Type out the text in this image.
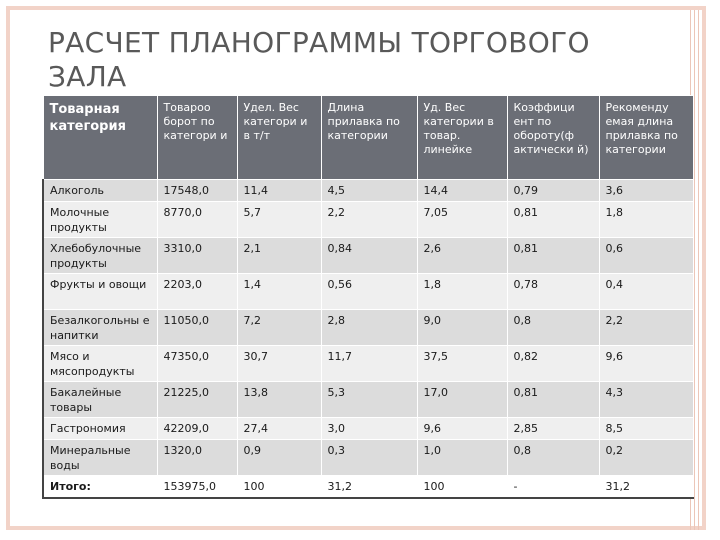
РАСЧЕТ ПЛАНОГРАММЫ ТОРГОВОГО ЗАЛА
Товарная категория	Товароо борот по категори и	Удел. Вес категори и в т/т	Длина прилавка по категории	Уд. Вес категории в товар. линейке	Коэффици ент по обороту(ф актически й)	Рекоменду емая длина прилавка по категории
Алкоголь	17548,0	11,4	4,5	14,4	0,79	3,6
Молочные продукты	8770,0	5,7	2,2	7,05	0,81	1,8
Хлебобулочные продукты	3310,0	2,1	0,84	2,6	0,81	0,6
Фрукты и овощи	2203,0	1,4	0,56	1,8	0,78	0,4
Безалкогольны е напитки	11050,0	7,2	2,8	9,0	0,8	2,2
Мясо и мясопродукты	47350,0	30,7	11,7	37,5	0,82	9,6
Бакалейные товары	21225,0	13,8	5,3	17,0	0,81	4,3
Гастрономия	42209,0	27,4	3,0	9,6	2,85	8,5
Минеральные воды	1320,0	0,9	0,3	1,0	0,8	0,2
Итого:	153975,0	100	31,2	100	-	31,2
